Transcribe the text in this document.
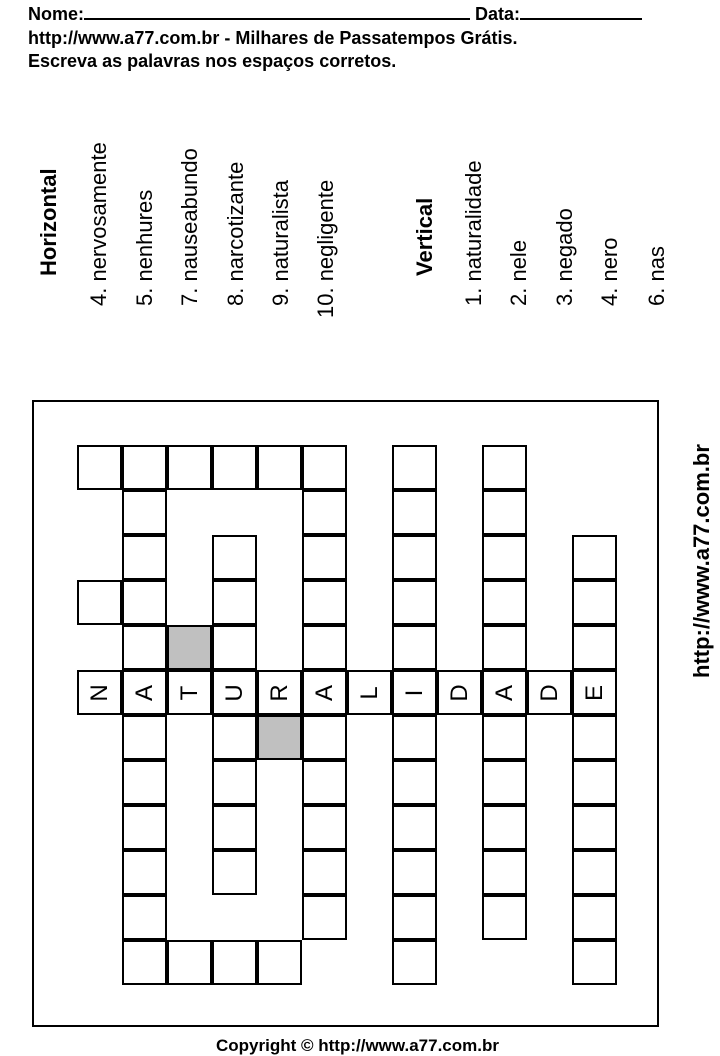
Nome:	Data:
http://www.a77.com.br - Milhares de Passatempos Grátis.
Escreva as palavras nos espaços corretos.
Horizontal 4. nervosamente 5. nenhures 7. nauseabundo 8. narcotizante 9. naturalista 10. negligente	Vertical 1. naturalidade 2. nele 3. negado 4. nero 6. nas
http://www.a77.com.br
N A T U R A L I D A D E
Copyright © http://www.a77.com.br
